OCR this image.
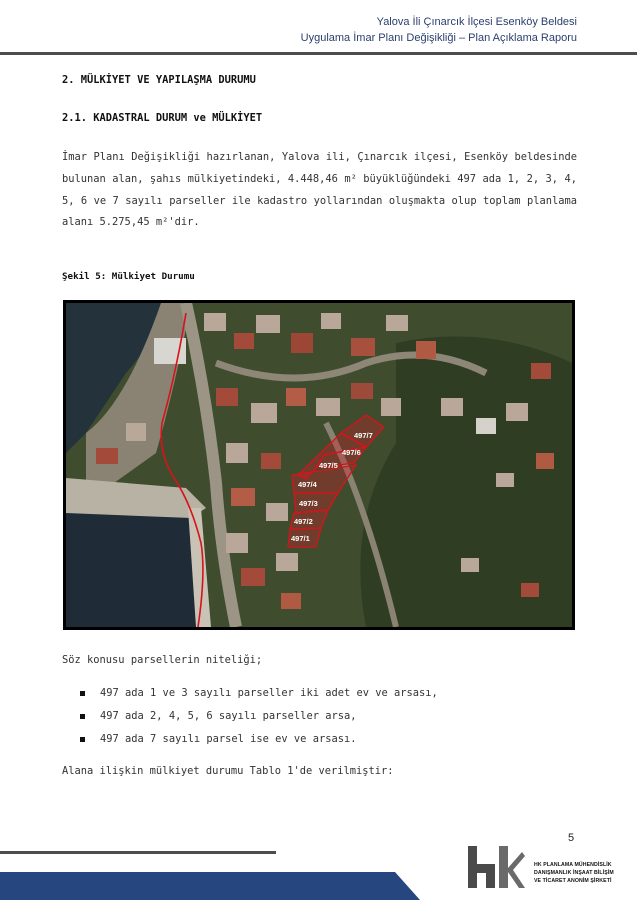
Yalova İli Çınarcık İlçesi Esenköy Beldesi
Uygulama İmar Planı Değişikliği – Plan Açıklama Raporu
2. MÜLKİYET VE YAPILAŞMA DURUMU
2.1. KADASTRAL DURUM ve MÜLKİYET
İmar Planı Değişikliği hazırlanan, Yalova ili, Çınarcık ilçesi, Esenköy beldesinde bulunan alan, şahıs mülkiyetindeki, 4.448,46 m² büyüklüğündeki 497 ada 1, 2, 3, 4, 5, 6 ve 7 sayılı parseller ile kadastro yollarından oluşmakta olup toplam planlama alanı 5.275,45 m²'dir.
Şekil 5: Mülkiyet Durumu
497/7
497/6
497/5
497/4
497/3
497/2
497/1
Söz konusu parsellerin niteliği;
497 ada 1 ve 3 sayılı parseller iki adet ev ve arsası,
497 ada 2, 4, 5, 6 sayılı parseller arsa,
497 ada 7 sayılı parsel ise ev ve arsası.
Alana ilişkin mülkiyet durumu Tablo 1'de verilmiştir:
5
HK PLANLAMA MÜHENDİSLİK
DANIŞMANLIK İNŞAAT BİLİŞİM
VE TİCARET ANONİM ŞİRKETİ
